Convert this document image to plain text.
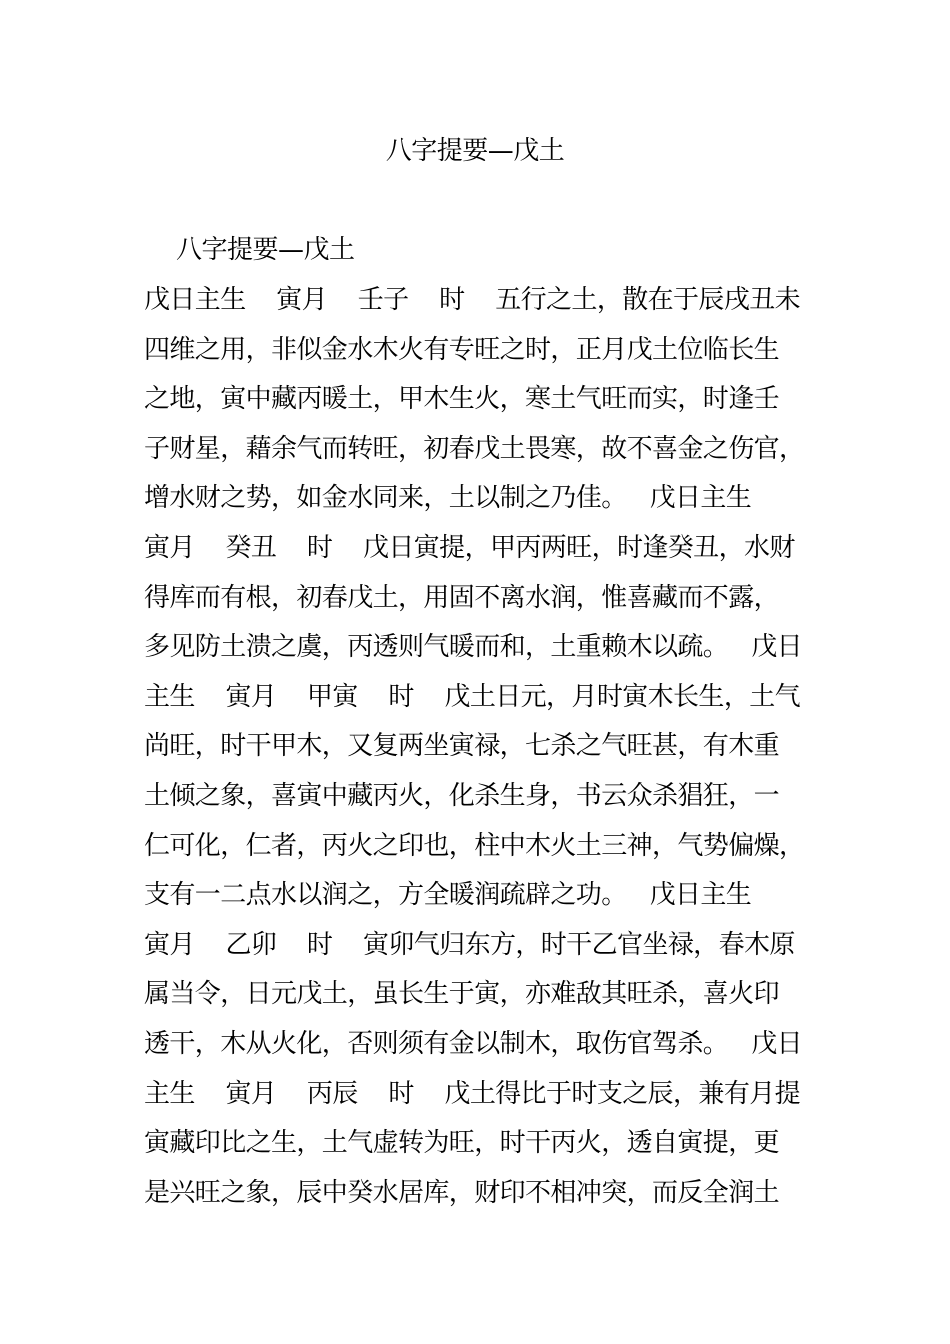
八字提要—戊土
八字提要—戊土
戊日主生    寅月    壬子    时    五行之土，散在于辰戌丑未
四维之用，非似金水木火有专旺之时，正月戊土位临长生
之地，寅中藏丙暖土，甲木生火，寒土气旺而实，时逢壬
子财星，藉余气而转旺，初春戊土畏寒，故不喜金之伤官，
增水财之势，如金水同来，土以制之乃佳。   戊日主生
寅月    癸丑    时    戊日寅提，甲丙两旺，时逢癸丑，水财
得库而有根，初春戊土，用固不离水润，惟喜藏而不露，
多见防土溃之虞，丙透则气暖而和，土重赖木以疏。   戊日
主生    寅月    甲寅    时    戊土日元，月时寅木长生，土气
尚旺，时干甲木，又复两坐寅禄，七杀之气旺甚，有木重
土倾之象，喜寅中藏丙火，化杀生身，书云众杀猖狂，一
仁可化，仁者，丙火之印也，柱中木火土三神，气势偏燥，
支有一二点水以润之，方全暖润疏辟之功。   戊日主生
寅月    乙卯    时    寅卯气归东方，时干乙官坐禄，春木原
属当令，日元戊土，虽长生于寅，亦难敌其旺杀，喜火印
透干，木从火化，否则须有金以制木，取伤官驾杀。   戊日
主生    寅月    丙辰    时    戊土得比于时支之辰，兼有月提
寅藏印比之生，土气虚转为旺，时干丙火，透自寅提，更
是兴旺之象，辰中癸水居库，财印不相冲突，而反全润土
